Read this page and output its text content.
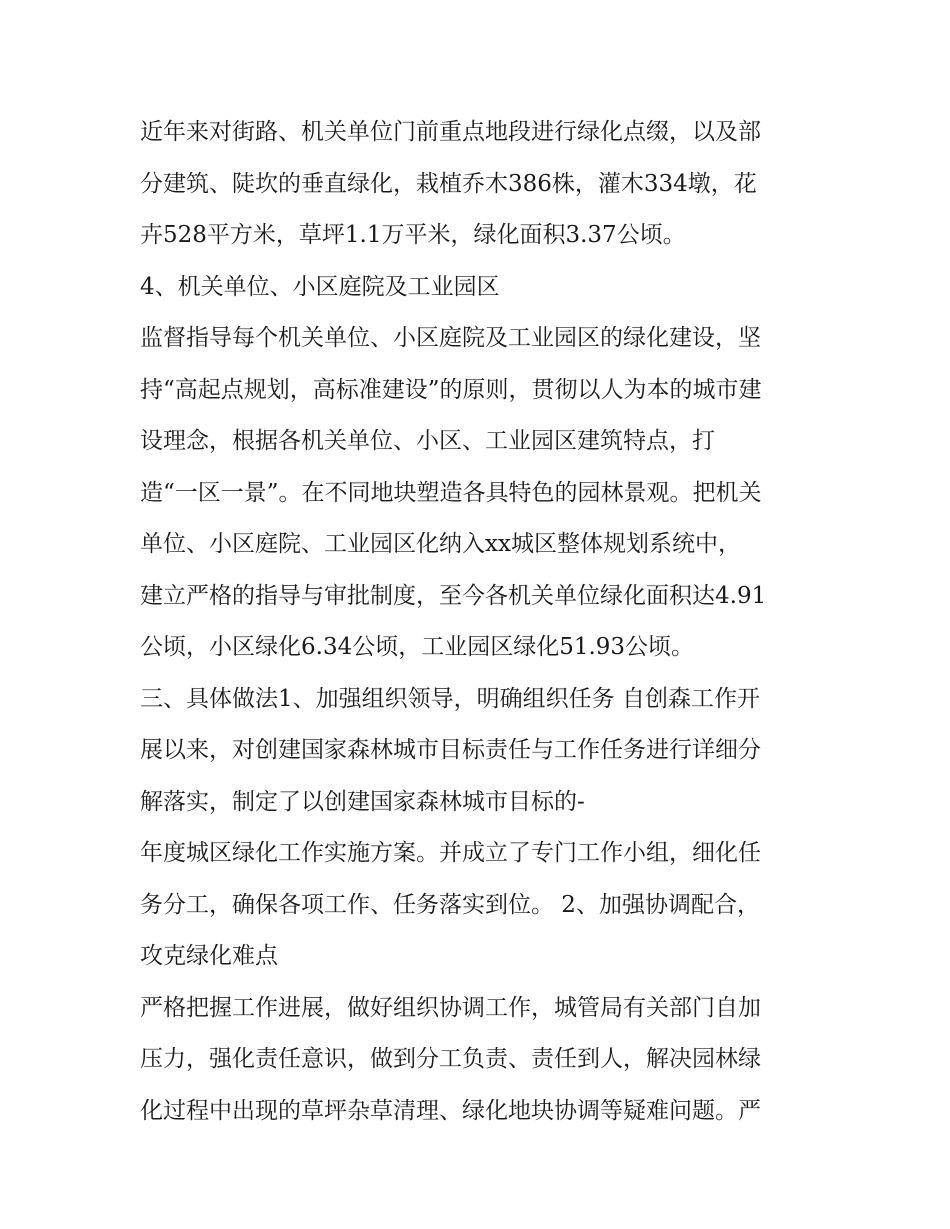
近年来对街路、机关单位门前重点地段进行绿化点缀，以及部
分建筑、陡坎的垂直绿化，栽植乔木386株，灌木334墩，花
卉528平方米，草坪1.1万平米，绿化面积3.37公顷。
4、机关单位、小区庭院及工业园区
监督指导每个机关单位、小区庭院及工业园区的绿化建设，坚
持“高起点规划，高标准建设”的原则，贯彻以人为本的城市建
设理念，根据各机关单位、小区、工业园区建筑特点，打
造“一区一景”。在不同地块塑造各具特色的园林景观。把机关
单位、小区庭院、工业园区化纳入xx城区整体规划系统中，
建立严格的指导与审批制度，至今各机关单位绿化面积达4.91
公顷，小区绿化6.34公顷，工业园区绿化51.93公顷。
三、具体做法1、加强组织领导，明确组织任务 自创森工作开
展以来，对创建国家森林城市目标责任与工作任务进行详细分
解落实，制定了以创建国家森林城市目标的-
年度城区绿化工作实施方案。并成立了专门工作小组，细化任
务分工，确保各项工作、任务落实到位。 2、加强协调配合，
攻克绿化难点
严格把握工作进展，做好组织协调工作，城管局有关部门自加
压力，强化责任意识，做到分工负责、责任到人，解决园林绿
化过程中出现的草坪杂草清理、绿化地块协调等疑难问题。严
